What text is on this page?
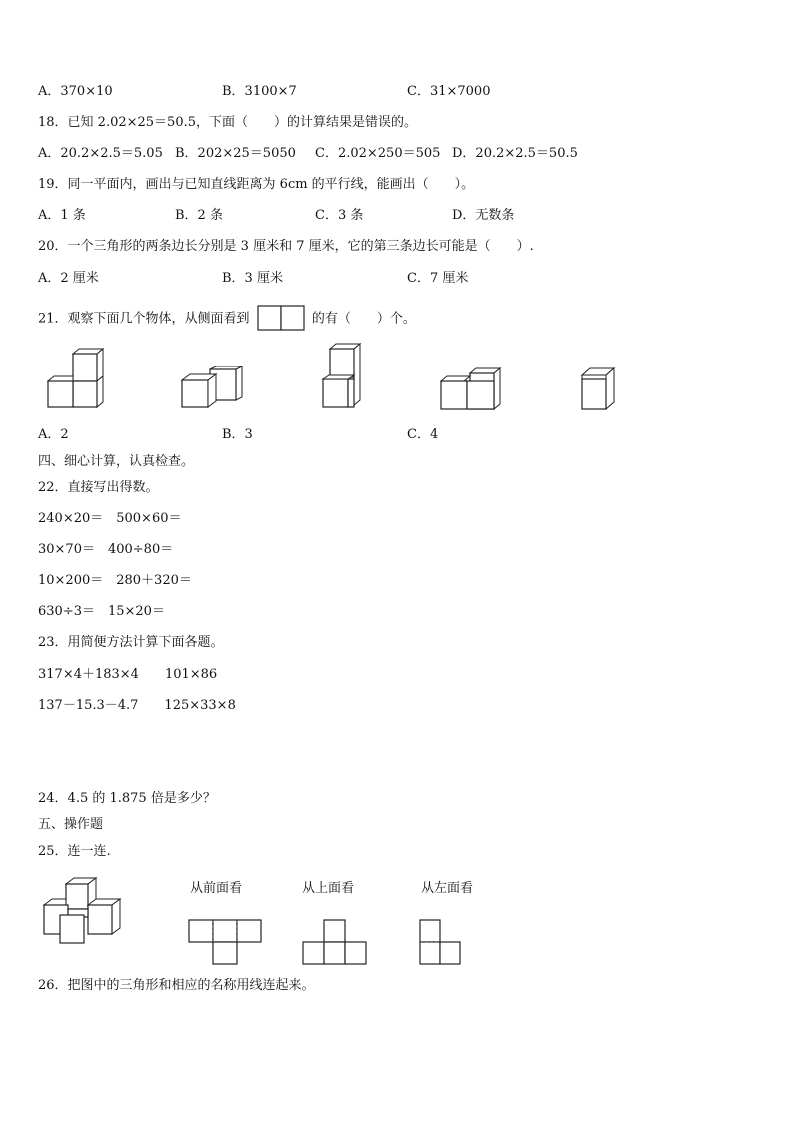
A．370×10	B．3100×7	C．31×7000
18．已知 2.02×25＝50.5，下面（　　）的计算结果是错误的。
A．20.2×2.5＝5.05 B．202×25＝5050 C．2.02×250＝505 D．20.2×2.5＝50.5
19．同一平面内，画出与已知直线距离为 6cm 的平行线，能画出（　　）。
A．1 条	B．2 条	C．3 条	D．无数条
20．一个三角形的两条边长分别是 3 厘米和 7 厘米，它的第三条边长可能是（　　）.
A．2 厘米	B．3 厘米	C．7 厘米
21．观察下面几个物体，从侧面看到	的有（　　）个。
A．2	B．3	C．4
四、细心计算，认真检查。
22．直接写出得数。
240×20＝　500×60＝
30×70＝　400÷80＝
10×200＝　280＋320＝
630÷3＝　15×20＝
23．用简便方法计算下面各题。
317×4＋183×4　　101×86
137－15.3－4.7　　125×33×8
24．4.5 的 1.875 倍是多少？
五、操作题
25．连一连.
从前面看	从上面看	从左面看
26．把图中的三角形和相应的名称用线连起来。
